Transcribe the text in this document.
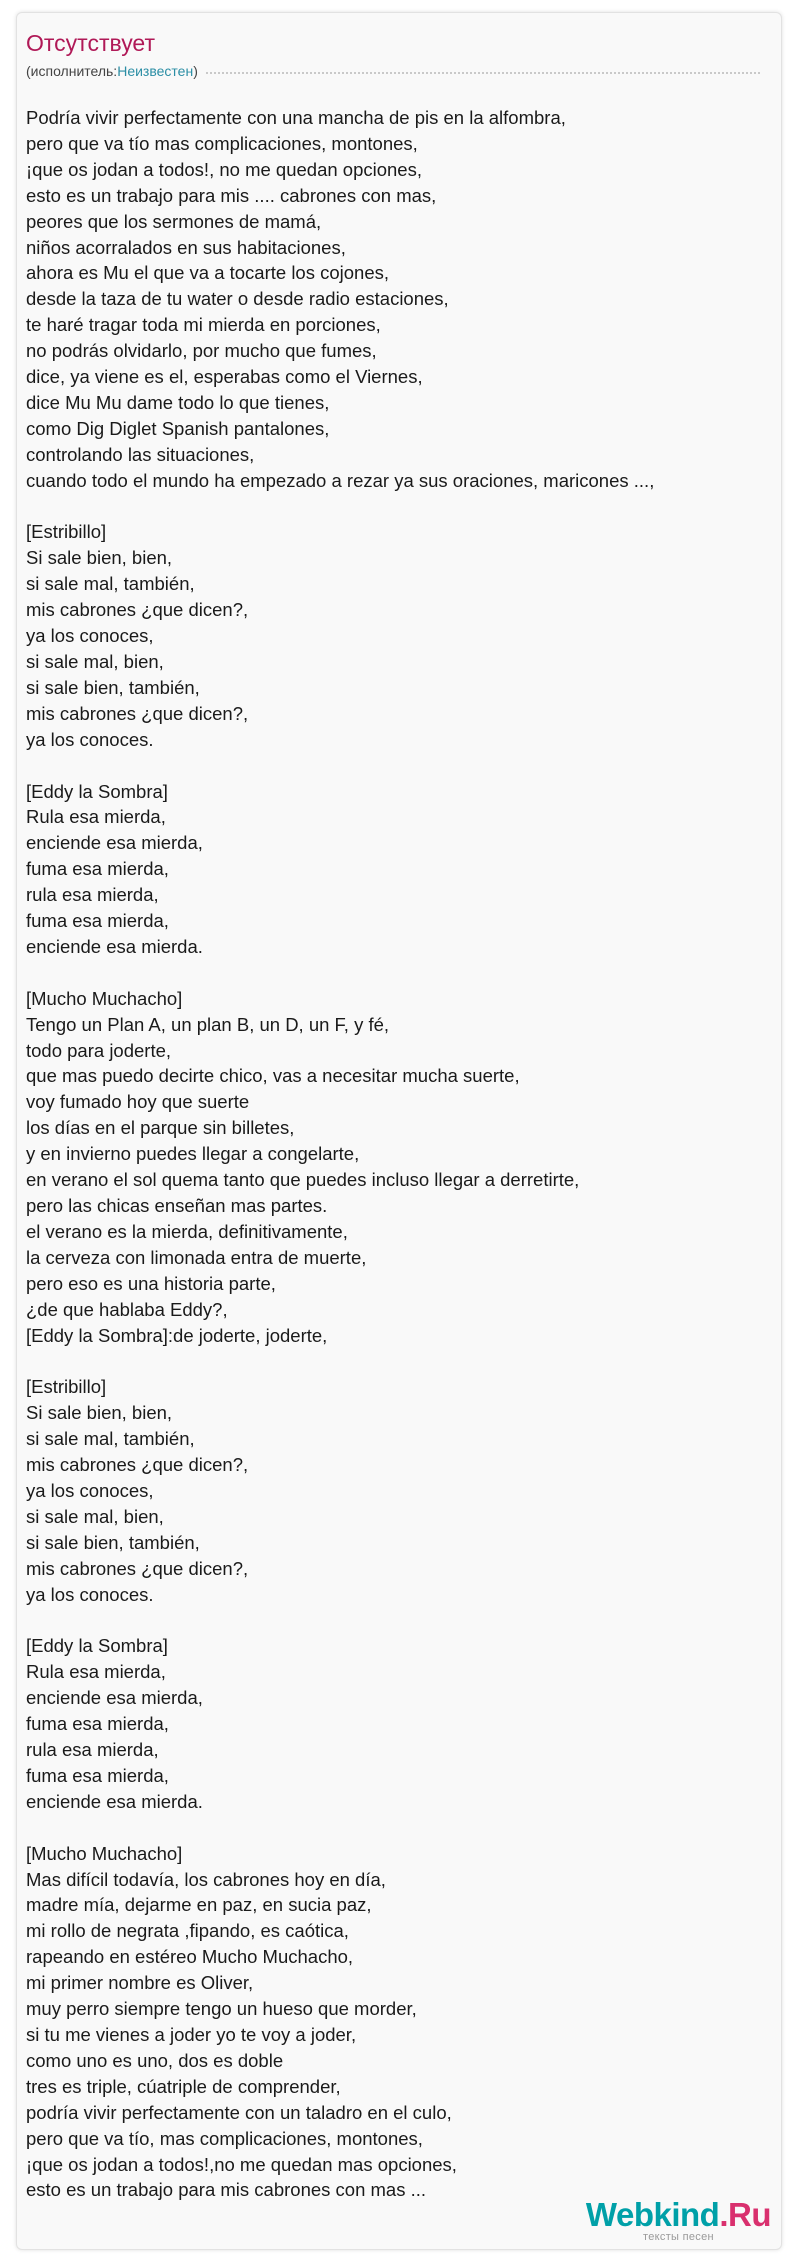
Отсутствует
(исполнитель: Неизвестен )
Podría vivir perfectamente con una mancha de pis en la alfombra,
pero que va tío mas complicaciones, montones,
¡que os jodan a todos!, no me quedan opciones,
esto es un trabajo para mis .... cabrones con mas,
peores que los sermones de mamá,
niños acorralados en sus habitaciones,
ahora es Mu el que va a tocarte los cojones,
desde la taza de tu water o desde radio estaciones,
te haré tragar toda mi mierda en porciones,
no podrás olvidarlo, por mucho que fumes,
dice, ya viene es el, esperabas como el Viernes,
dice Mu Mu dame todo lo que tienes,
como Dig Diglet Spanish pantalones,
controlando las situaciones,
cuando todo el mundo ha empezado a rezar ya sus oraciones, maricones ...,
[Estribillo]
Si sale bien, bien,
si sale mal, también,
mis cabrones ¿que dicen?,
ya los conoces,
si sale mal, bien,
si sale bien, también,
mis cabrones ¿que dicen?,
ya los conoces.
[Eddy la Sombra]
Rula esa mierda,
enciende esa mierda,
fuma esa mierda,
rula esa mierda,
fuma esa mierda,
enciende esa mierda.
[Mucho Muchacho]
Tengo un Plan A, un plan B, un D, un F, y fé,
todo para joderte,
que mas puedo decirte chico, vas a necesitar mucha suerte,
voy fumado hoy que suerte
los días en el parque sin billetes,
y en invierno puedes llegar a congelarte,
en verano el sol quema tanto que puedes incluso llegar a derretirte,
pero las chicas enseñan mas partes.
el verano es la mierda, definitivamente,
la cerveza con limonada entra de muerte,
pero eso es una historia parte,
¿de que hablaba Eddy?,
[Eddy la Sombra]:de joderte, joderte,
[Estribillo]
Si sale bien, bien,
si sale mal, también,
mis cabrones ¿que dicen?,
ya los conoces,
si sale mal, bien,
si sale bien, también,
mis cabrones ¿que dicen?,
ya los conoces.
[Eddy la Sombra]
Rula esa mierda,
enciende esa mierda,
fuma esa mierda,
rula esa mierda,
fuma esa mierda,
enciende esa mierda.
[Mucho Muchacho]
Mas difícil todavía, los cabrones hoy en día,
madre mía, dejarme en paz, en sucia paz,
mi rollo de negrata ,fipando, es caótica,
rapeando en estéreo Mucho Muchacho,
mi primer nombre es Oliver,
muy perro siempre tengo un hueso que morder,
si tu me vienes a joder yo te voy a joder,
como uno es uno, dos es doble
tres es triple, cúatriple de comprender,
podría vivir perfectamente con un taladro en el culo,
pero que va tío, mas complicaciones, montones,
¡que os jodan a todos!,no me quedan mas opciones,
esto es un trabajo para mis cabrones con mas ...
Webkind.Ru
тексты песен
